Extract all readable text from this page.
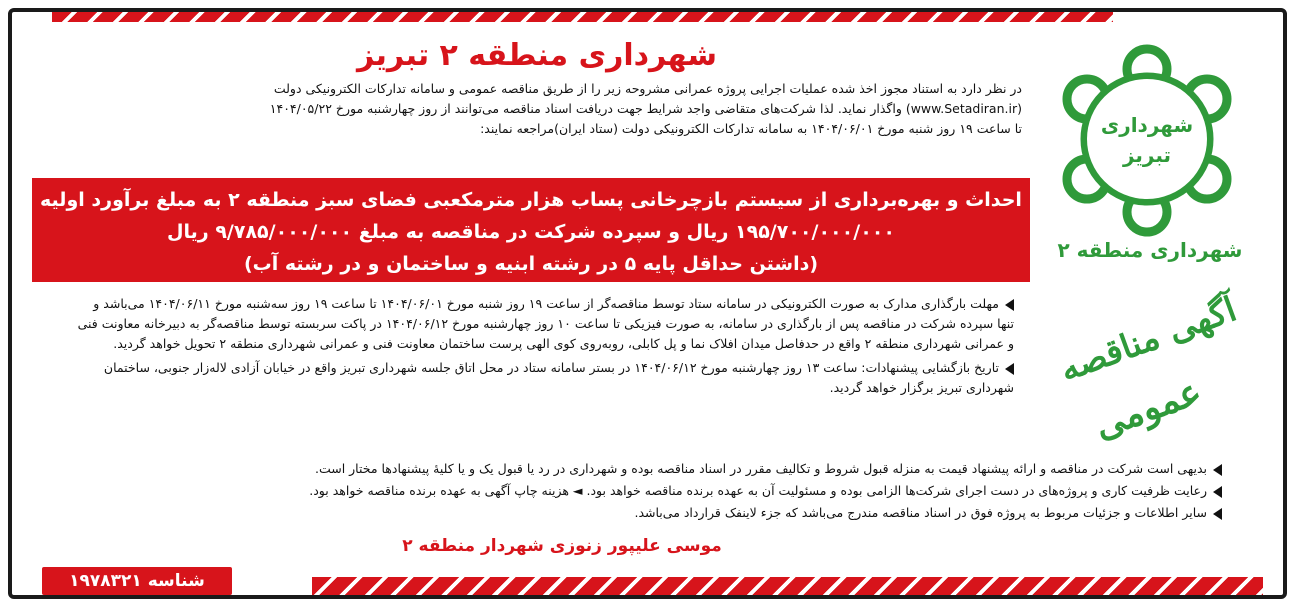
شهرداری منطقه ۲ تبریز
در نظر دارد به استناد مجوز اخذ شده عملیات اجرایی پروژه عمرانی مشروحه زیر را از طریق مناقصه عمومی و سامانه تدارکات الکترونیکی دولت
(www.Setadiran.ir) واگذار نماید. لذا شرکت‌های متقاضی واجد شرایط جهت دریافت اسناد مناقصه می‌توانند از روز چهارشنبه مورخ ۱۴۰۴/۰۵/۲۲
تا ساعت ۱۹ روز شنبه مورخ ۱۴۰۴/۰۶/۰۱ به سامانه تدارکات الکترونیکی دولت (ستاد ایران)مراجعه نمایند:
احداث و بهره‌برداری از سیستم بازچرخانی پساب هزار مترمکعبی فضای سبز منطقه ۲ به مبلغ برآورد اولیه
۱۹۵/۷۰۰/۰۰۰/۰۰۰ ریال و سپرده شرکت در مناقصه به مبلغ ۹/۷۸۵/۰۰۰/۰۰۰ ریال
(داشتن حداقل پایه ۵ در رشته ابنیه و ساختمان و در رشته آب)

مهلت بارگذاری مدارک به صورت الکترونیکی در سامانه ستاد توسط مناقصه‌گر از ساعت ۱۹ روز شنبه مورخ ۱۴۰۴/۰۶/۰۱ تا ساعت ۱۹ روز سه‌شنبه مورخ ۱۴۰۴/۰۶/۱۱ می‌باشد و تنها سپرده شرکت در مناقصه پس از بارگذاری در سامانه، به صورت فیزیکی تا ساعت ۱۰ روز چهارشنبه مورخ ۱۴۰۴/۰۶/۱۲ در پاکت سربسته توسط مناقصه‌گر به دبیرخانه معاونت فنی و عمرانی شهرداری منطقه ۲ واقع در حدفاصل میدان افلاک نما و پل کابلی، روبه‌روی کوی الهی پرست ساختمان معاونت فنی و عمرانی شهرداری منطقه ۲ تحویل خواهد گردید.

تاریخ بازگشایی پیشنهادات: ساعت ۱۳ روز چهارشنبه مورخ ۱۴۰۴/۰۶/۱۲ در بستر سامانه ستاد در محل اتاق جلسه شهرداری تبریز واقع در خیابان آزادی لاله‌زار جنوبی، ساختمان شهرداری تبریز برگزار خواهد گردید.

بدیهی است شرکت در مناقصه و ارائه پیشنهاد قیمت به منزله قبول شروط و تکالیف مقرر در اسناد مناقصه بوده و شهرداری در رد یا قبول یک و یا کلیهٔ پیشنهادها مختار است.

رعایت ظرفیت کاری و پروژه‌های در دست اجرای شرکت‌ها الزامی بوده و مسئولیت آن به عهده برنده مناقصه خواهد بود. ◄ هزینه چاپ آگهی به عهده برنده مناقصه خواهد بود.

سایر اطلاعات و جزئیات مربوط به پروژه فوق در اسناد مناقصه مندرج می‌باشد که جزء لاینفک قرارداد می‌باشد.

موسی علیپور زنوزی شهردار منطقه ۲
شناسه ۱۹۷۸۳۲۱
شهرداری
تبریز
شهرداری منطقه ۲
آگهی مناقصه
عمومی
